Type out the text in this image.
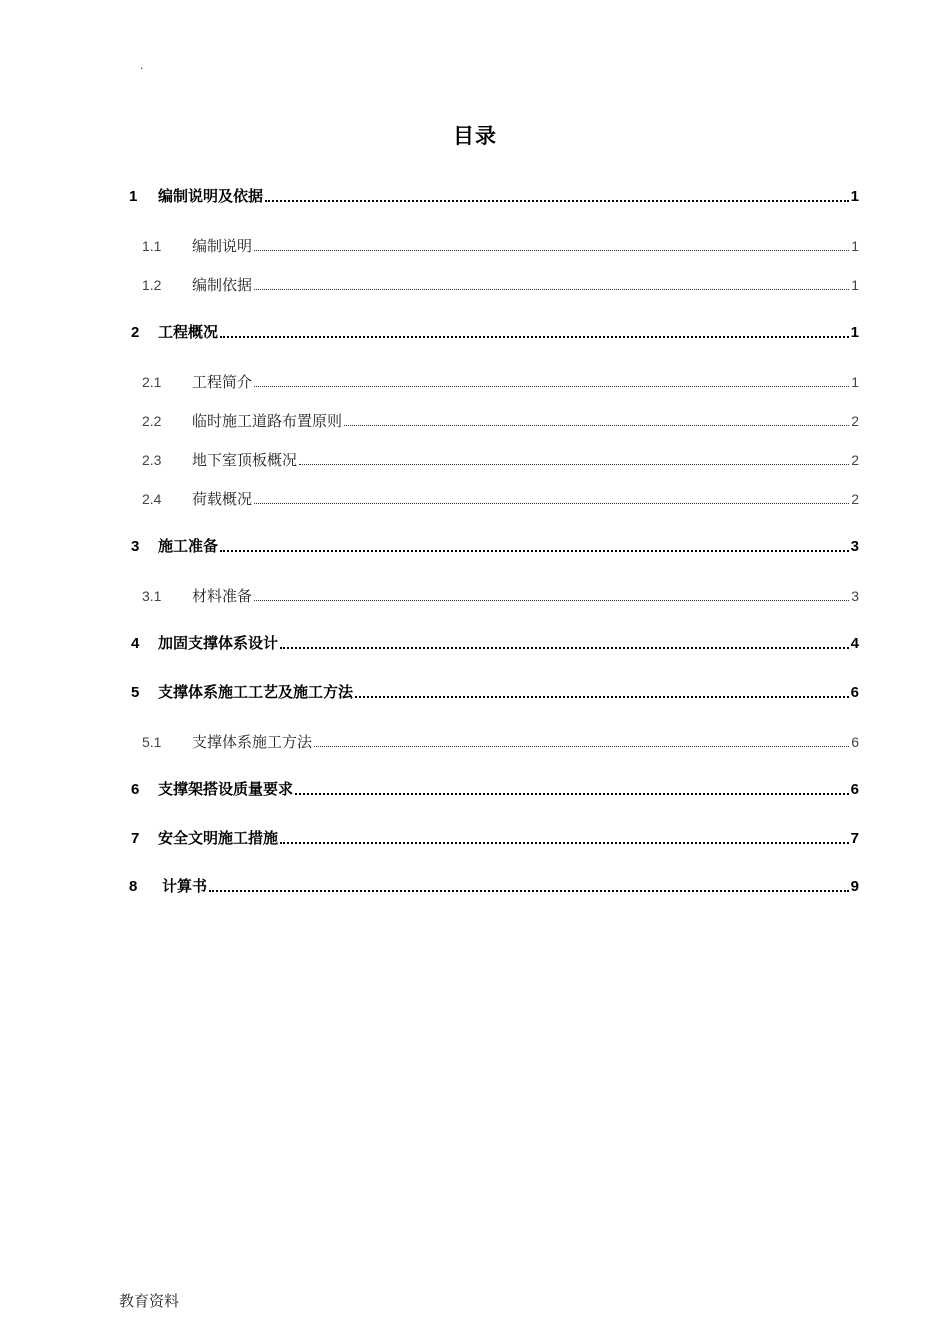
.
目录
1	编制说明及依据	1
1.1	编制说明	1
1.2	编制依据	1
2	工程概况	1
2.1	工程简介	1
2.2	临时施工道路布置原则	2
2.3	地下室顶板概况	2
2.4	荷载概况	2
3	施工准备	3
3.1	材料准备	3
4	加固支撑体系设计	4
5	支撑体系施工工艺及施工方法	6
5.1	支撑体系施工方法	6
6	支撑架搭设质量要求	6
7	安全文明施工措施	7
8	计算书	9
教育资料
